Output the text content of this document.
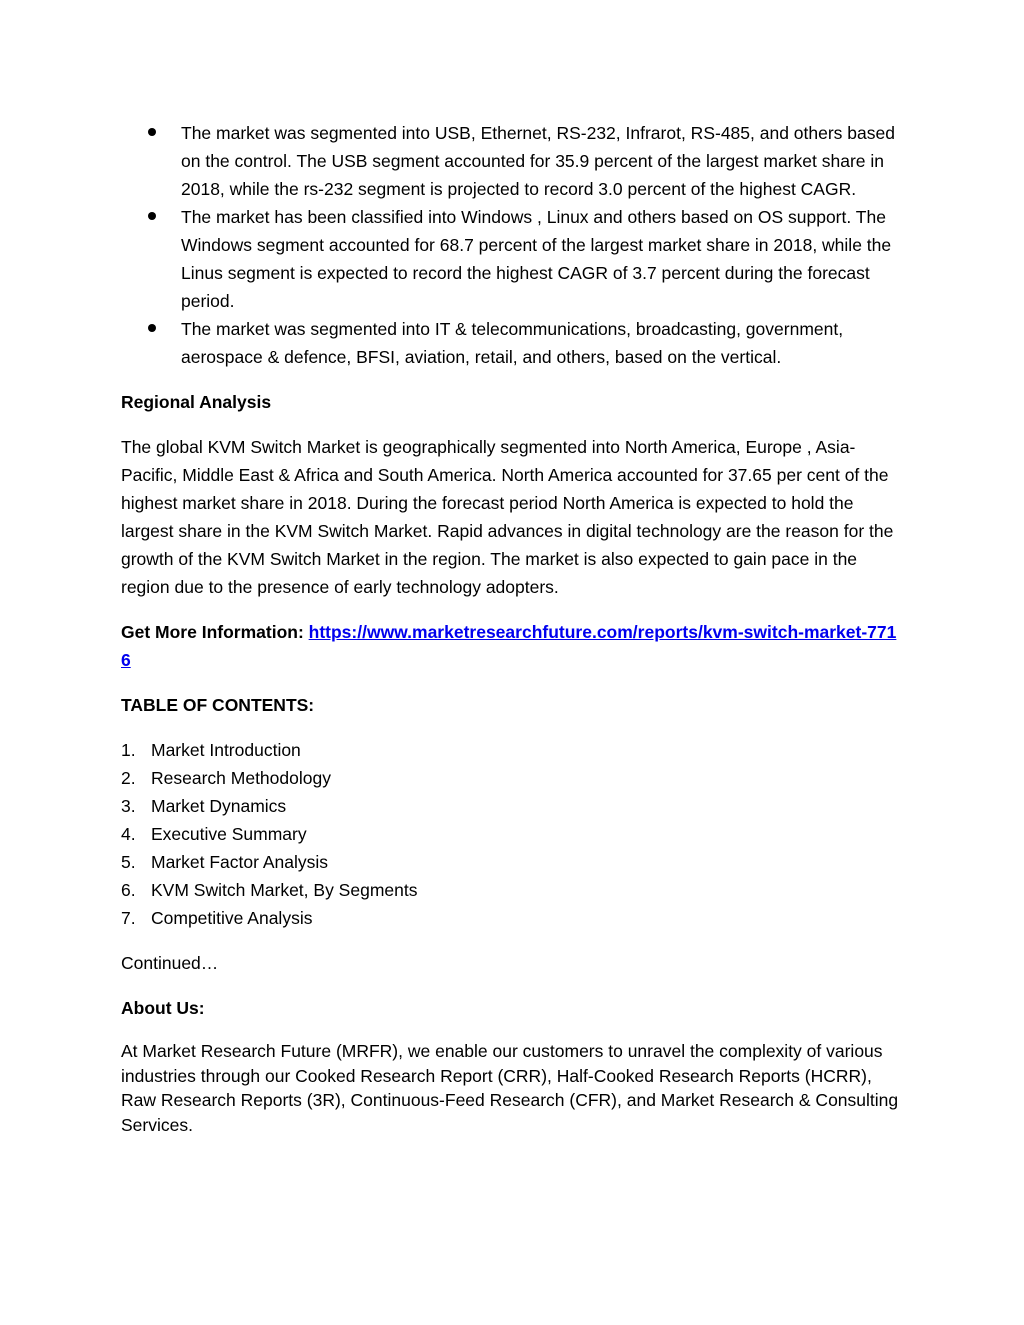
The market was segmented into USB, Ethernet, RS-232, Infrarot, RS-485, and others based on the control. The USB segment accounted for 35.9 percent of the largest market share in 2018, while the rs-232 segment is projected to record 3.0 percent of the highest CAGR.
The market has been classified into Windows , Linux and others based on OS support. The Windows segment accounted for 68.7 percent of the largest market share in 2018, while the Linus segment is expected to record the highest CAGR of 3.7 percent during the forecast period.
The market was segmented into IT & telecommunications, broadcasting, government, aerospace & defence, BFSI, aviation, retail, and others, based on the vertical.

Regional Analysis

The global KVM Switch Market is geographically segmented into North America, Europe , Asia-Pacific, Middle East & Africa and South America. North America accounted for 37.65 per cent of the highest market share in 2018. During the forecast period North America is expected to hold the largest share in the KVM Switch Market. Rapid advances in digital technology are the reason for the growth of the KVM Switch Market in the region. The market is also expected to gain pace in the region due to the presence of early technology adopters.

Get More Information: https://www.marketresearchfuture.com/reports/kvm-switch-market-7716

TABLE OF CONTENTS:

1. Market Introduction
2. Research Methodology
3. Market Dynamics
4. Executive Summary
5. Market Factor Analysis
6. KVM Switch Market, By Segments
7. Competitive Analysis

Continued…

About Us:

At Market Research Future (MRFR), we enable our customers to unravel the complexity of various industries through our Cooked Research Report (CRR), Half-Cooked Research Reports (HCRR), Raw Research Reports (3R), Continuous-Feed Research (CFR), and Market Research & Consulting Services.
